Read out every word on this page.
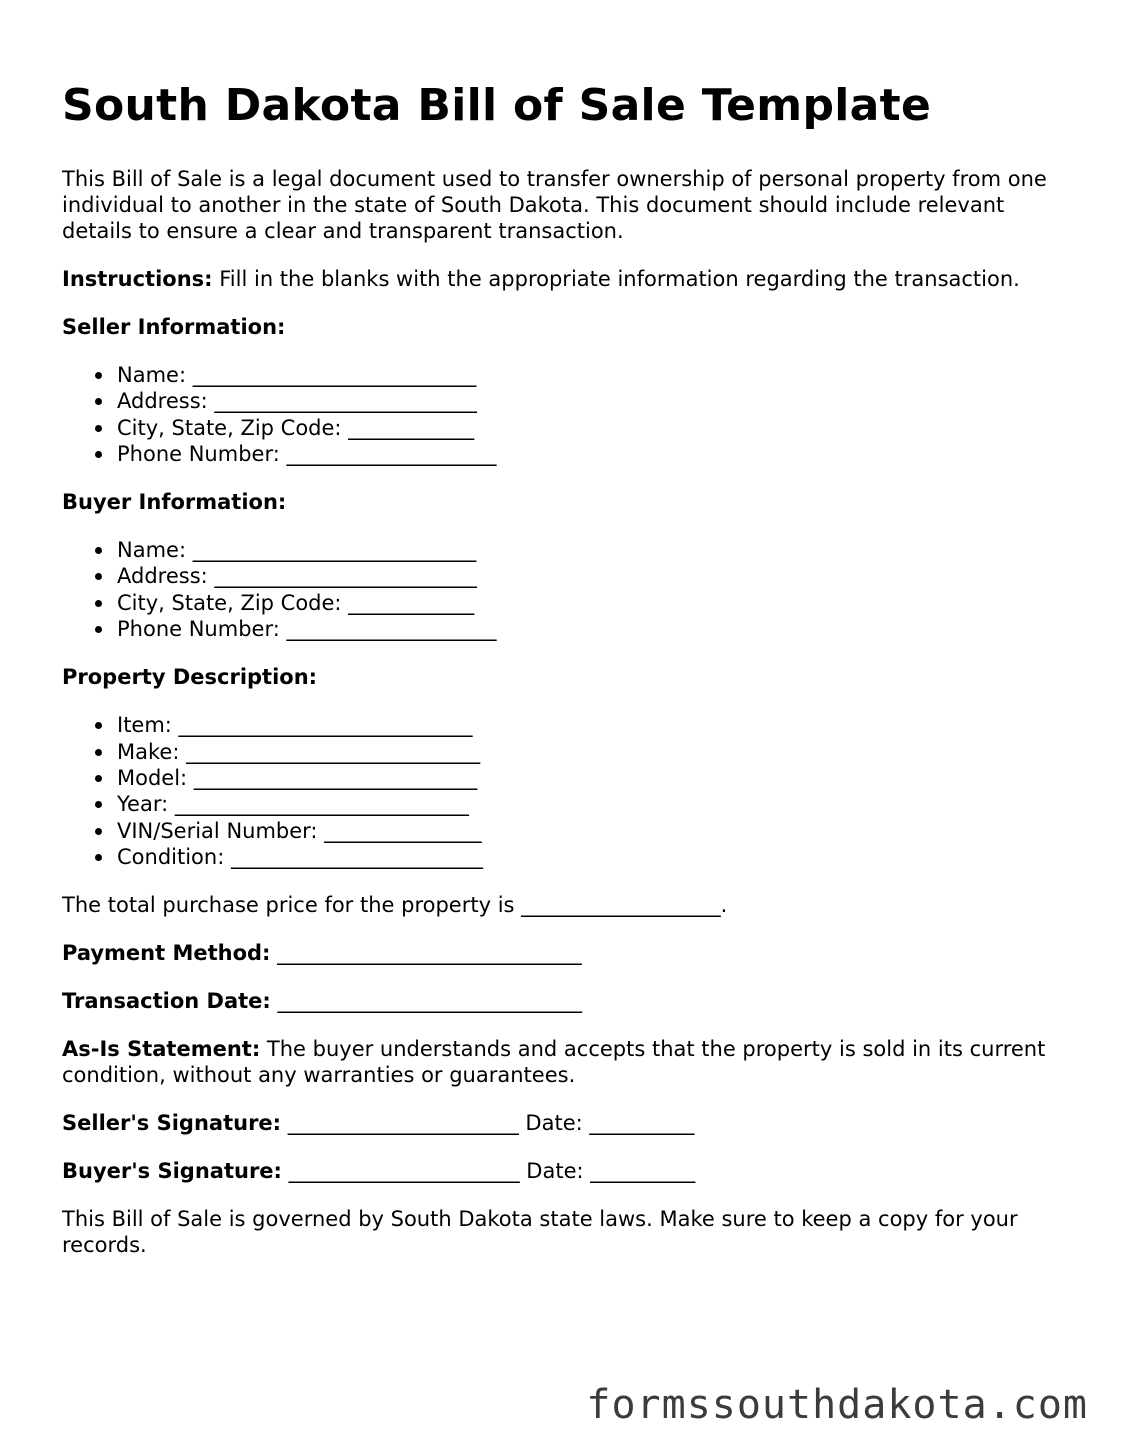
South Dakota Bill of Sale Template

This Bill of Sale is a legal document used to transfer ownership of personal property from one individual to another in the state of South Dakota. This document should include relevant details to ensure a clear and transparent transaction.

Instructions: Fill in the blanks with the appropriate information regarding the transaction.

Seller Information:
Name: ___________________________
Address: _________________________
City, State, Zip Code: ____________
Phone Number: ____________________
Buyer Information:
Name: ___________________________
Address: _________________________
City, State, Zip Code: ____________
Phone Number: ____________________
Property Description:
Item: ____________________________
Make: ____________________________
Model: ___________________________
Year: ____________________________
VIN/Serial Number: _______________
Condition: ________________________

The total purchase price for the property is ___________________.

Payment Method: _____________________________

Transaction Date: _____________________________

As-Is Statement: The buyer understands and accepts that the property is sold in its current condition, without any warranties or guarantees.

Seller's Signature: ______________________ Date: __________

Buyer's Signature: ______________________ Date: __________

This Bill of Sale is governed by South Dakota state laws. Make sure to keep a copy for your records.

formssouthdakota.com
